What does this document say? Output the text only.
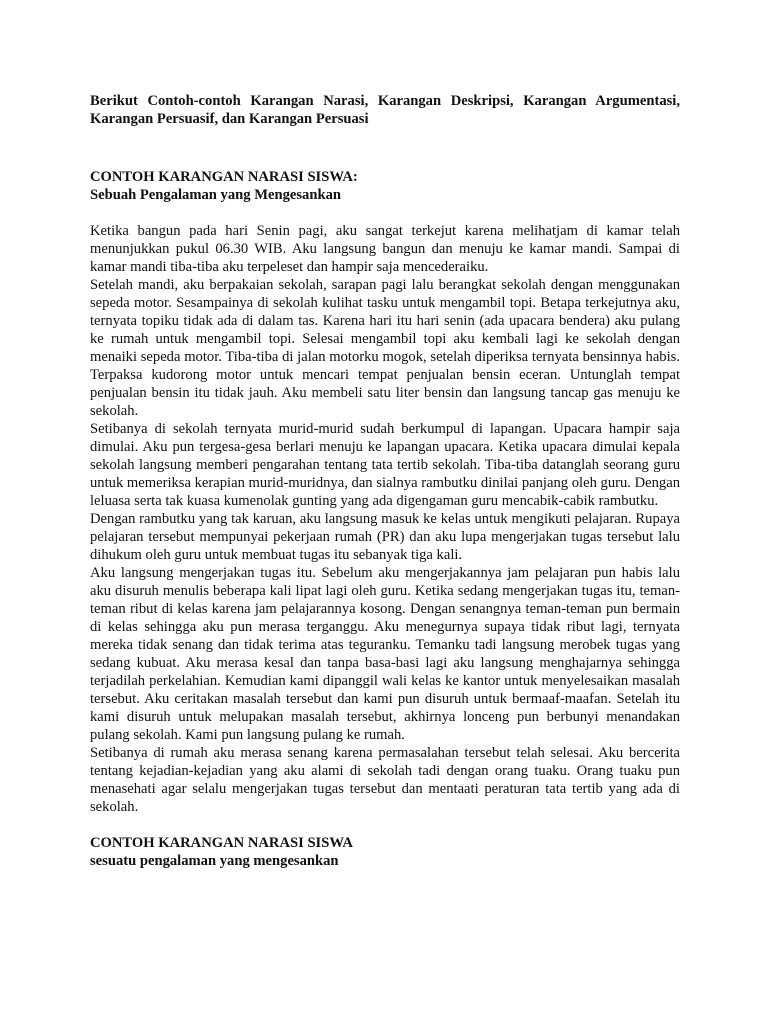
Berikut Contoh-contoh Karangan Narasi, Karangan Deskripsi, Karangan Argumentasi, Karangan Persuasif, dan Karangan Persuasi

CONTOH KARANGAN NARASI SISWA:

Sebuah Pengalaman yang Mengesankan

Ketika bangun pada hari Senin pagi, aku sangat terkejut karena melihatjam di kamar telah menunjukkan pukul 06.30 WIB. Aku langsung bangun dan menuju ke kamar mandi. Sampai di kamar mandi tiba-tiba aku terpeleset dan hampir saja mencederaiku.

Setelah mandi, aku berpakaian sekolah, sarapan pagi lalu berangkat sekolah dengan menggunakan sepeda motor. Sesampainya di sekolah kulihat tasku untuk mengambil topi. Betapa terkejutnya aku, ternyata topiku tidak ada di dalam tas. Karena hari itu hari senin (ada upacara bendera) aku pulang ke rumah untuk mengambil topi. Selesai mengambil topi aku kembali lagi ke sekolah dengan menaiki sepeda motor. Tiba-tiba di jalan motorku mogok, setelah diperiksa ternyata bensinnya habis. Terpaksa kudorong motor untuk mencari tempat penjualan bensin eceran. Untunglah tempat penjualan bensin itu tidak jauh. Aku membeli satu liter bensin dan langsung tancap gas menuju ke sekolah.

Setibanya di sekolah ternyata murid-murid sudah berkumpul di lapangan. Upacara hampir saja dimulai. Aku pun tergesa-gesa berlari menuju ke lapangan upacara. Ketika upacara dimulai kepala sekolah langsung memberi pengarahan tentang tata tertib sekolah. Tiba-tiba datanglah seorang guru untuk memeriksa kerapian murid-muridnya, dan sialnya rambutku dinilai panjang oleh guru. Dengan leluasa serta tak kuasa kumenolak gunting yang ada digengaman guru mencabik-cabik rambutku.

Dengan rambutku yang tak karuan, aku langsung masuk ke kelas untuk mengikuti pelajaran. Rupaya pelajaran tersebut mempunyai pekerjaan rumah (PR) dan aku lupa mengerjakan tugas tersebut lalu dihukum oleh guru untuk membuat tugas itu sebanyak tiga kali.

Aku langsung mengerjakan tugas itu. Sebelum aku mengerjakannya jam pelajaran pun habis lalu aku disuruh menulis beberapa kali lipat lagi oleh guru. Ketika sedang mengerjakan tugas itu, teman-teman ribut di kelas karena jam pelajarannya kosong. Dengan senangnya teman-teman pun bermain di kelas sehingga aku pun merasa terganggu. Aku menegurnya supaya tidak ribut lagi, ternyata mereka tidak senang dan tidak terima atas teguranku. Temanku tadi langsung merobek tugas yang sedang kubuat. Aku merasa kesal dan tanpa basa-basi lagi aku langsung menghajarnya sehingga terjadilah perkelahian. Kemudian kami dipanggil wali kelas ke kantor untuk menyelesaikan masalah tersebut. Aku ceritakan masalah tersebut dan kami pun disuruh untuk bermaaf-maafan. Setelah itu kami disuruh untuk melupakan masalah tersebut, akhirnya lonceng pun berbunyi menandakan pulang sekolah. Kami pun langsung pulang ke rumah.

Setibanya di rumah aku merasa senang karena permasalahan tersebut telah selesai. Aku bercerita tentang kejadian-kejadian yang aku alami di sekolah tadi dengan orang tuaku. Orang tuaku pun menasehati agar selalu mengerjakan tugas tersebut dan mentaati peraturan tata tertib yang ada di sekolah.

CONTOH KARANGAN NARASI SISWA

sesuatu pengalaman yang mengesankan
